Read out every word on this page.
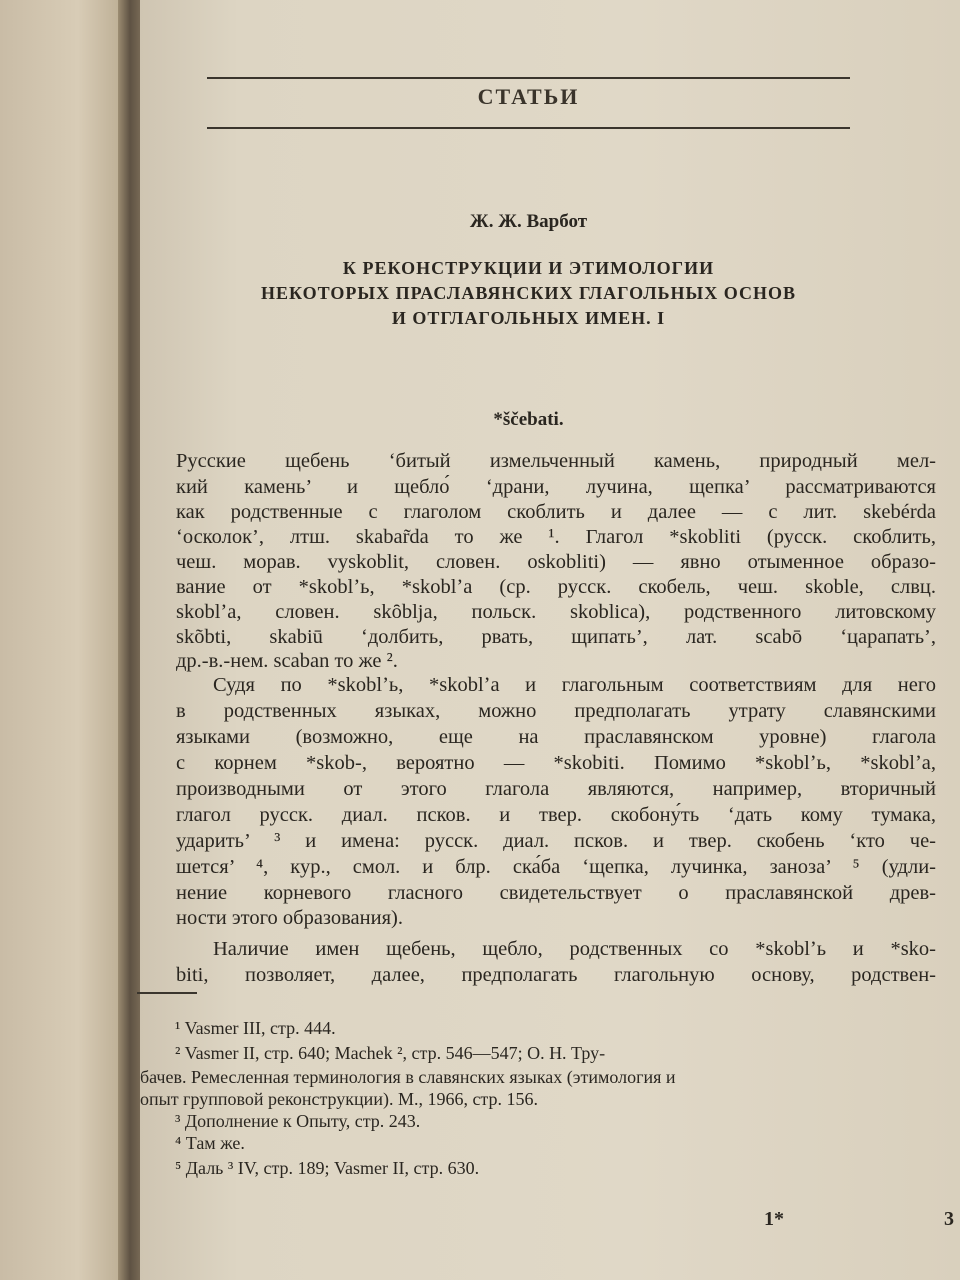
СТАТЬИ
Ж. Ж. Варбот
К РЕКОНСТРУКЦИИ И ЭТИМОЛОГИИ
НЕКОТОРЫХ ПРАСЛАВЯНСКИХ ГЛАГОЛЬНЫХ ОСНОВ
И ОТГЛАГОЛЬНЫХ ИМЕН. I
*ščebati.
Русские щебень ‘битый измельченный камень, природный мел-
кий камень’ и щебло́ ‘драни, лучина, щепка’ рассматриваются
как родственные с глаголом скоблить и далее — с лит. skebérda
‘осколок’, лтш. skabar̃da то же ¹. Глагол *skobliti (русск. скоблить,
чеш. морав. vyskoblit, словен. oskobliti) — явно отыменное образо-
вание от *skoblʼь, *skoblʼa (ср. русск. скобель, чеш. skoble, слвц.
skoblʼa, словен. skȏblja, польск. skoblica), родственного литовскому
skõbti, skabiū ‘долбить, рвать, щипать’, лат. scabō ‘царапать’,
др.-в.-нем. scaban то же ².
Судя по *skoblʼь, *skoblʼa и глагольным соответствиям для него
в родственных языках, можно предполагать утрату славянскими
языками (возможно, еще на праславянском уровне) глагола
с корнем *skob-, вероятно — *skobiti. Помимо *skoblʼь, *skoblʼa,
производными от этого глагола являются, например, вторичный
глагол русск. диал. псков. и твер. скобону́ть ‘дать кому тумака,
ударить’ ³ и имена: русск. диал. псков. и твер. скобень ‘кто че-
шется’ ⁴, кур., смол. и блр. ска́ба ‘щепка, лучинка, заноза’ ⁵ (удли-
нение корневого гласного свидетельствует о праславянской древ-
ности этого образования).
Наличие имен щебень, щебло, родственных со *skoblʼь и *sko-
biti, позволяет, далее, предполагать глагольную основу, родствен-
¹ Vasmer III, стр. 444.
² Vasmer II, стр. 640; Machek ², стр. 546—547; О. Н. Тру-
бачев. Ремесленная терминология в славянских языках (этимология и
опыт групповой реконструкции). М., 1966, стр. 156.
³ Дополнение к Опыту, стр. 243.
⁴ Там же.
⁵ Даль ³ IV, стр. 189; Vasmer II, стр. 630.
1*	3
